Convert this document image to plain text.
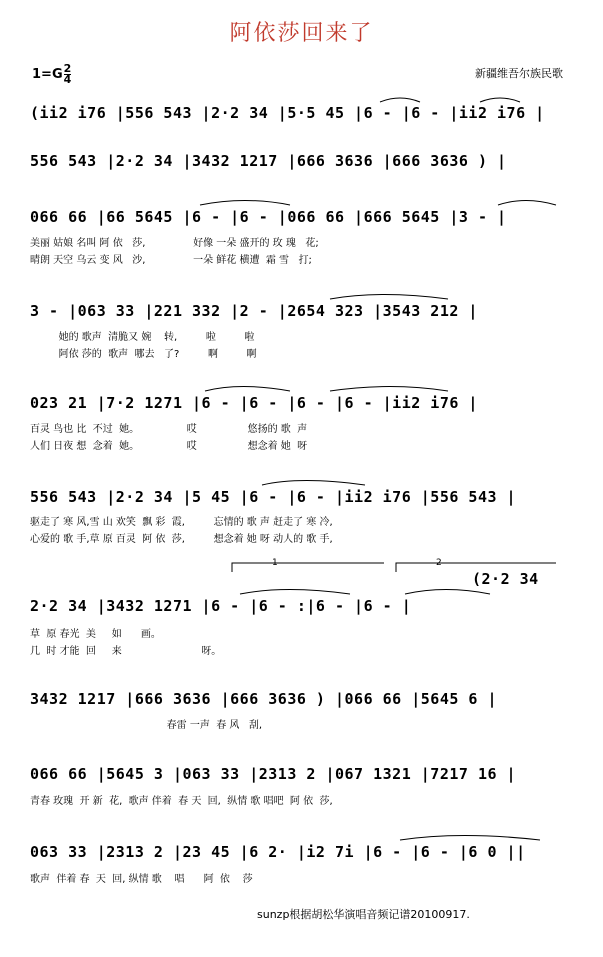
阿依莎回来了
$1=G \frac{2}{4}$	新疆维吾尔族民歌
(ii2 i76 |556 543 |2·2 34 |5·5 45 |6 - |6 - |ii2 i76 |
556 543 |2·2 34 |3432 1217 |666 3636 |666 3636 ) |
066 66 |66 5645 |6 - |6 - |066 66 |666 5645 |3 - |
美丽 姑娘 名叫 阿 依   莎,               好像 一朵 盛开的 玫 瑰   花;
晴朗 天空 乌云 变 风   沙,               一朵 鲜花 横遭  霜 雪   打;
3 - |063 33 |221 332 |2 - |2654 323 |3543 212 |
她的 歌声  清脆又 婉    转,         啦         啦
阿依 莎的  歌声  哪去   了?         啊         啊
023 21 |7·2 1271 |6 - |6 - |6 - |6 - |ii2 i76 |
百灵 鸟也 比  不过  她。               哎                悠扬的 歌  声
人们 日夜 想  念着  她。               哎                想念着 她  呀
556 543 |2·2 34 |5 45 |6 - |6 - |ii2 i76 |556 543 |
驱走了 寒 风,雪 山 欢笑  飘 彩  霞,         忘情的 歌 声 赶走了 寒 冷,
心爱的 歌 手,草 原 百灵  阿 依  莎,         想念着 她 呀 动人的 歌 手,
(2·2 34
2·2 34 |3432 1271 |6 - |6 - :|6 - |6 - |
草  原 春光  美     如      画。
几  时 才能  回     来                         呀。
3432 1217 |666 3636 |666 3636 ) |066 66 |5645 6 |
春雷 一声  春 风   刮,
066 66 |5645 3 |063 33 |2313 2 |067 1321 |7217 16 |
青春 玫瑰  开 新  花,  歌声 伴着  春 天  回,  纵情 歌 唱吧  阿 依  莎,
063 33 |2313 2 |23 45 |6 2· |i2 7i |6 - |6 - |6 0 ||
歌声  伴着 春  天  回, 纵情 歌    唱      阿  依    莎
1	2
sunzp根据胡松华演唱音频记谱20100917.
